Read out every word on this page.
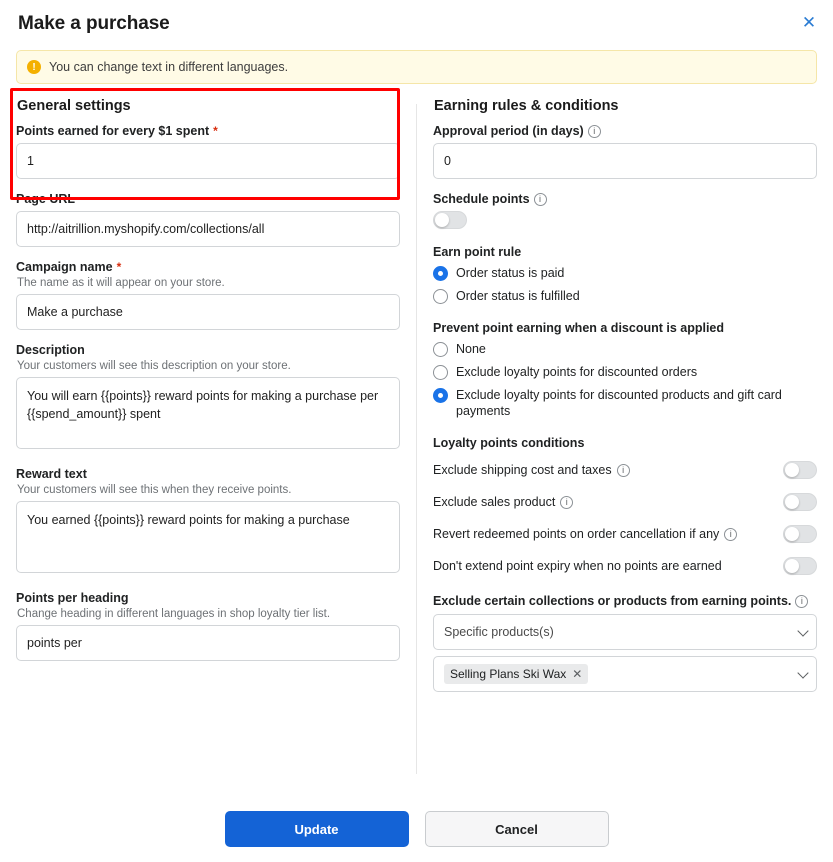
Make a purchase	✕
!	You can change text in different languages.
General settings
Points earned for every $1 spent *
1
Page URL
http://aitrillion.myshopify.com/collections/all
Campaign name *
The name as it will appear on your store.
Make a purchase
Description
Your customers will see this description on your store.
You will earn {{points}} reward points for making a purchase per {{spend_amount}} spent
Reward text
Your customers will see this when they receive points.
You earned {{points}} reward points for making a purchase
Points per heading
Change heading in different languages in shop loyalty tier list.
points per
Earning rules & conditions
Approval period (in days)	i
0
Schedule points	i
Earn point rule
Order status is paid
Order status is fulfilled
Prevent point earning when a discount is applied
None
Exclude loyalty points for discounted orders
Exclude loyalty points for discounted products and gift card payments
Loyalty points conditions
Exclude shipping cost and taxes	i
Exclude sales product	i
Revert redeemed points on order cancellation if any	i
Don't extend point expiry when no points are earned
Exclude certain collections or products from earning points.	i
Specific products(s)
Selling Plans Ski Wax ✕
Update	Cancel
